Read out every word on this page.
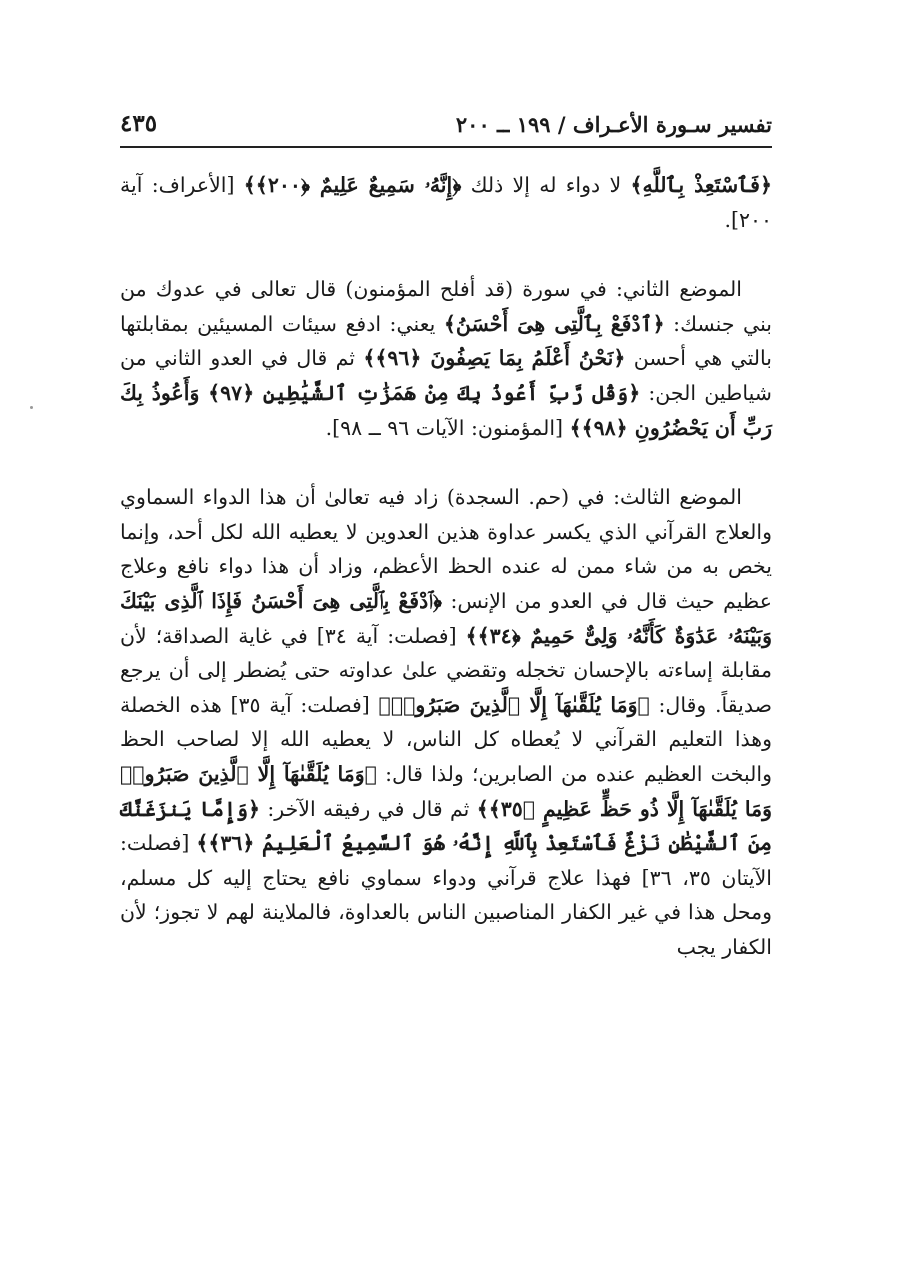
تفسير سـورة الأعـراف / ١٩٩ ــ ٢٠٠
٤٣٥

﴿فَٱسْتَعِذْ بِٱللَّهِ﴾ لا دواء له إلا ذلك ﴿إِنَّهُۥ سَمِيعٌ عَلِيمٌ ﴿٢٠٠﴾﴾ [الأعراف: آية ٢٠٠].

الموضع الثاني: في سورة (قد أفلح المؤمنون) قال تعالى في عدوك من بني جنسك: ﴿ٱدْفَعْ بِٱلَّتِى هِىَ أَحْسَنُ﴾ يعني: ادفع سيئات المسيئين بمقابلتها بالتي هي أحسن ﴿نَحْنُ أَعْلَمُ بِمَا يَصِفُونَ ﴿٩٦﴾﴾ ثم قال في العدو الثاني من شياطين الجن: ﴿وَقُل رَّبِّ أَعُوذُ بِكَ مِنْ هَمَزَٰتِ ٱلشَّيَٰطِينِ ﴿٩٧﴾ وَأَعُوذُ بِكَ رَبِّ أَن يَحْضُرُونِ ﴿٩٨﴾﴾ [المؤمنون: الآيات ٩٦ ــ ٩٨].

الموضع الثالث: في (حم. السجدة) زاد فيه تعالىٰ أن هذا الدواء السماوي والعلاج القرآني الذي يكسر عداوة هذين العدوين لا يعطيه الله لكل أحد، وإنما يخص به من شاء ممن له عنده الحظ الأعظم، وزاد أن هذا دواء نافع وعلاج عظيم حيث قال في العدو من الإنس: ﴿ٱدْفَعْ بِٱلَّتِى هِىَ أَحْسَنُ فَإِذَا ٱلَّذِى بَيْنَكَ وَبَيْنَهُۥ عَدَٰوَةٌ كَأَنَّهُۥ وَلِىٌّ حَمِيمٌ ﴿٣٤﴾﴾ [فصلت: آية ٣٤] في غاية الصداقة؛ لأن مقابلة إساءته بالإحسان تخجله وتقضي علىٰ عداوته حتى يُضطر إلى أن يرجع صديقاً. وقال: ﴿وَمَا يُلَقَّىٰهَآ إِلَّا ٱلَّذِينَ صَبَرُوا۟﴾ [فصلت: آية ٣٥] هذه الخصلة وهذا التعليم القرآني لا يُعطاه كل الناس، لا يعطيه الله إلا لصاحب الحظ والبخت العظيم عنده من الصابرين؛ ولذا قال: ﴿وَمَا يُلَقَّىٰهَآ إِلَّا ٱلَّذِينَ صَبَرُوا۟ وَمَا يُلَقَّىٰهَآ إِلَّا ذُو حَظٍّ عَظِيمٍ ﴿٣٥﴾﴾ ثم قال في رفيقه الآخر: ﴿وَإِمَّا يَنزَغَنَّكَ مِنَ ٱلشَّيْطَٰنِ نَزْغٌ فَٱسْتَعِذْ بِٱللَّهِ إِنَّهُۥ هُوَ ٱلسَّمِيعُ ٱلْعَلِيمُ ﴿٣٦﴾﴾ [فصلت: الآيتان ٣٥، ٣٦] فهذا علاج قرآني ودواء سماوي نافع يحتاج إليه كل مسلم، ومحل هذا في غير الكفار المناصبين الناس بالعداوة، فالملاينة لهم لا تجوز؛ لأن الكفار يجب
